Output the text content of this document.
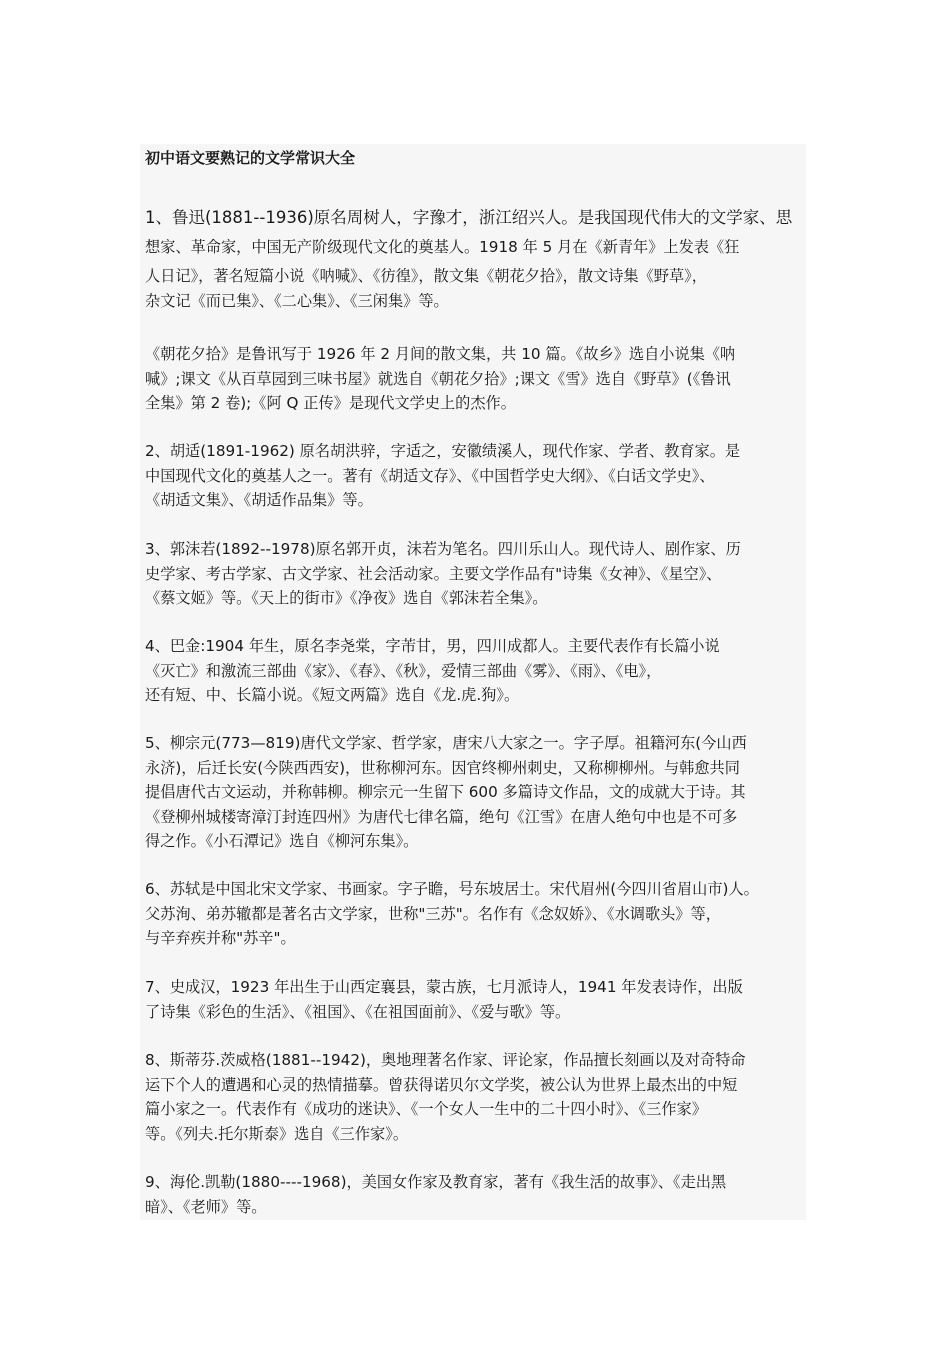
初中语文要熟记的文学常识大全
1、鲁迅(1881--1936)原名周树人，字豫才，浙江绍兴人。是我国现代伟大的文学家、思
想家、革命家，中国无产阶级现代文化的奠基人。1918 年 5 月在《新青年》上发表《狂
人日记》，著名短篇小说《呐喊》、《彷徨》，散文集《朝花夕拾》，散文诗集《野草》，
杂文记《而已集》、《二心集》、《三闲集》等。
《朝花夕拾》是鲁讯写于 1926 年 2 月间的散文集，共 10 篇。《故乡》选自小说集《呐
喊》;课文《从百草园到三味书屋》就选自《朝花夕拾》;课文《雪》选自《野草》(《鲁讯
全集》第 2 卷);《阿 Q 正传》是现代文学史上的杰作。
2、胡适(1891-1962) 原名胡洪骍，字适之，安徽绩溪人，现代作家、学者、教育家。是
中国现代文化的奠基人之一。著有《胡适文存》、《中国哲学史大纲》、《白话文学史》、
《胡适文集》、《胡适作品集》等。
3、郭沫若(1892--1978)原名郭开贞，沫若为笔名。四川乐山人。现代诗人、剧作家、历
史学家、考古学家、古文学家、社会活动家。主要文学作品有"诗集《女神》、《星空》、
《蔡文姬》等。《天上的街市》《净夜》选自《郭沫若全集》。
4、巴金:1904 年生，原名李尧棠，字芾甘，男，四川成都人。主要代表作有长篇小说
《灭亡》和激流三部曲《家》、《春》、《秋》，爱情三部曲《雾》、《雨》、《电》，
还有短、中、长篇小说。《短文两篇》选自《龙.虎.狗》。
5、柳宗元(773—819)唐代文学家、哲学家，唐宋八大家之一。字子厚。祖籍河东(今山西
永济)，后迁长安(今陕西西安)，世称柳河东。因官终柳州刺史，又称柳柳州。与韩愈共同
提倡唐代古文运动，并称韩柳。柳宗元一生留下 600 多篇诗文作品，文的成就大于诗。其
《登柳州城楼寄漳汀封连四州》为唐代七律名篇，绝句《江雪》在唐人绝句中也是不可多
得之作。《小石潭记》选自《柳河东集》。
6、苏轼是中国北宋文学家、书画家。字子瞻，号东坡居士。宋代眉州(今四川省眉山市)人。
父苏洵、弟苏辙都是著名古文学家，世称"三苏"。名作有《念奴娇》、《水调歌头》等，
与辛弃疾并称"苏辛"。
7、史成汉，1923 年出生于山西定襄县，蒙古族，七月派诗人，1941 年发表诗作，出版
了诗集《彩色的生活》、《祖国》、《在祖国面前》、《爱与歌》等。
8、斯蒂芬.茨威格(1881--1942)，奥地理著名作家、评论家，作品擅长刻画以及对奇特命
运下个人的遭遇和心灵的热情描摹。曾获得诺贝尔文学奖，被公认为世界上最杰出的中短
篇小家之一。代表作有《成功的迷诀》、《一个女人一生中的二十四小时》、《三作家》
等。《列夫.托尔斯泰》选自《三作家》。
9、海伦.凯勒(1880----1968)，美国女作家及教育家，著有《我生活的故事》、《走出黑
暗》、《老师》等。
